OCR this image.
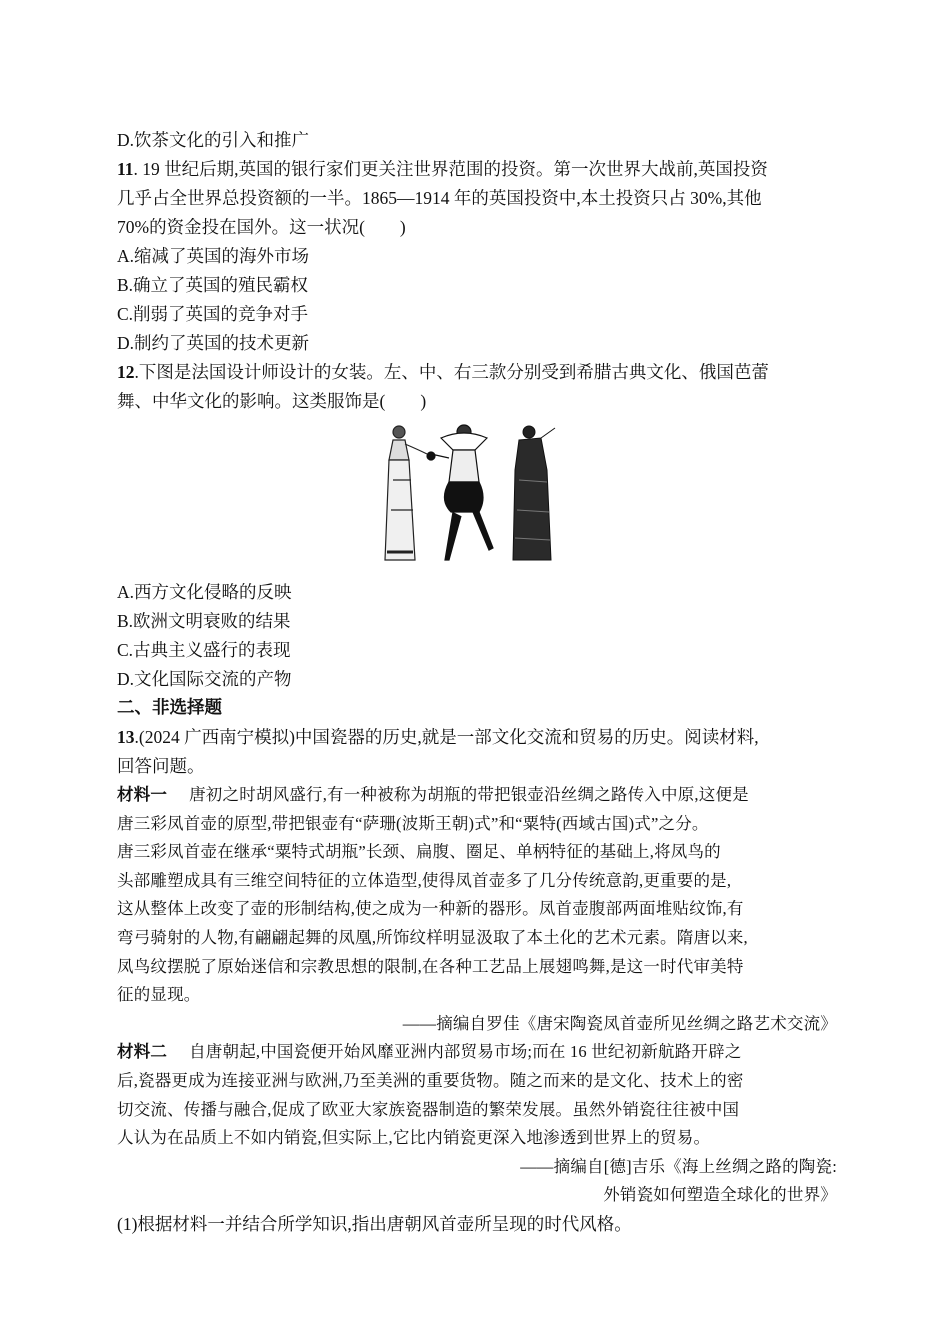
D.饮茶文化的引入和推广
11. 19 世纪后期,英国的银行家们更关注世界范围的投资。第一次世界大战前,英国投资
几乎占全世界总投资额的一半。1865—1914 年的英国投资中,本土投资只占 30%,其他
70%的资金投在国外。这一状况(　　)
A.缩减了英国的海外市场
B.确立了英国的殖民霸权
C.削弱了英国的竞争对手
D.制约了英国的技术更新
12.下图是法国设计师设计的女装。左、中、右三款分别受到希腊古典文化、俄国芭蕾
舞、中华文化的影响。这类服饰是(　　)
A.西方文化侵略的反映
B.欧洲文明衰败的结果
C.古典主义盛行的表现
D.文化国际交流的产物
二、非选择题
13.(2024 广西南宁模拟)中国瓷器的历史,就是一部文化交流和贸易的历史。阅读材料,
回答问题。
材料一 唐初之时胡风盛行,有一种被称为胡瓶的带把银壶沿丝绸之路传入中原,这便是
唐三彩凤首壶的原型,带把银壶有“萨珊(波斯王朝)式”和“粟特(西域古国)式”之分。
唐三彩凤首壶在继承“粟特式胡瓶”长颈、扁腹、圈足、单柄特征的基础上,将凤鸟的
头部雕塑成具有三维空间特征的立体造型,使得凤首壶多了几分传统意韵,更重要的是,
这从整体上改变了壶的形制结构,使之成为一种新的器形。凤首壶腹部两面堆贴纹饰,有
弯弓骑射的人物,有翩翩起舞的凤凰,所饰纹样明显汲取了本土化的艺术元素。隋唐以来,
凤鸟纹摆脱了原始迷信和宗教思想的限制,在各种工艺品上展翅鸣舞,是这一时代审美特
征的显现。
——摘编自罗佳《唐宋陶瓷凤首壶所见丝绸之路艺术交流》
材料二 自唐朝起,中国瓷便开始风靡亚洲内部贸易市场;而在 16 世纪初新航路开辟之
后,瓷器更成为连接亚洲与欧洲,乃至美洲的重要货物。随之而来的是文化、技术上的密
切交流、传播与融合,促成了欧亚大家族瓷器制造的繁荣发展。虽然外销瓷往往被中国
人认为在品质上不如内销瓷,但实际上,它比内销瓷更深入地渗透到世界上的贸易。
——摘编自[德]吉乐《海上丝绸之路的陶瓷:
外销瓷如何塑造全球化的世界》
(1)根据材料一并结合所学知识,指出唐朝风首壶所呈现的时代风格。
